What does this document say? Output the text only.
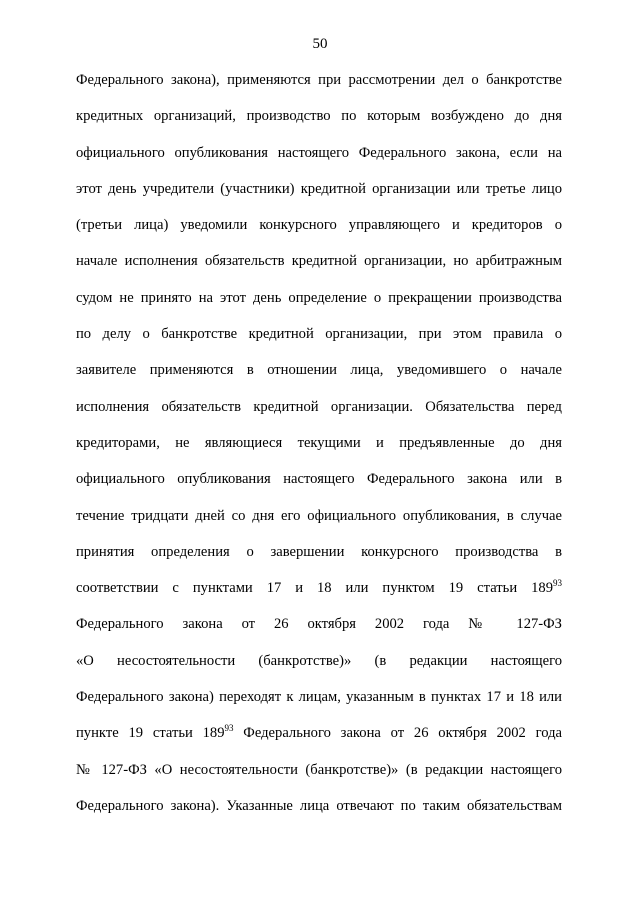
50
Федерального закона), применяются при рассмотрении дел о банкротстве
кредитных организаций, производство по которым возбуждено до дня
официального опубликования настоящего Федерального закона, если на
этот день учредители (участники) кредитной организации или третье лицо
(третьи лица) уведомили конкурсного управляющего и кредиторов о
начале исполнения обязательств кредитной организации, но арбитражным
судом не принято на этот день определение о прекращении производства
по делу о банкротстве кредитной организации, при этом правила о
заявителе применяются в отношении лица, уведомившего о начале
исполнения обязательств кредитной организации. Обязательства перед
кредиторами, не являющиеся текущими и предъявленные до дня
официального опубликования настоящего Федерального закона или в
течение тридцати дней со дня его официального опубликования, в случае
принятия определения о завершении конкурсного производства в
соответствии с пунктами 17 и 18 или пунктом 19 статьи $189^{93}$
Федерального закона от 26 октября 2002 года № 127-ФЗ
«О несостоятельности (банкротстве)» (в редакции настоящего
Федерального закона) переходят к лицам, указанным в пунктах 17 и 18 или
пункте 19 статьи $189^{93}$ Федерального закона от 26 октября 2002 года
№ 127-ФЗ «О несостоятельности (банкротстве)» (в редакции настоящего
Федерального закона). Указанные лица отвечают по таким обязательствам
